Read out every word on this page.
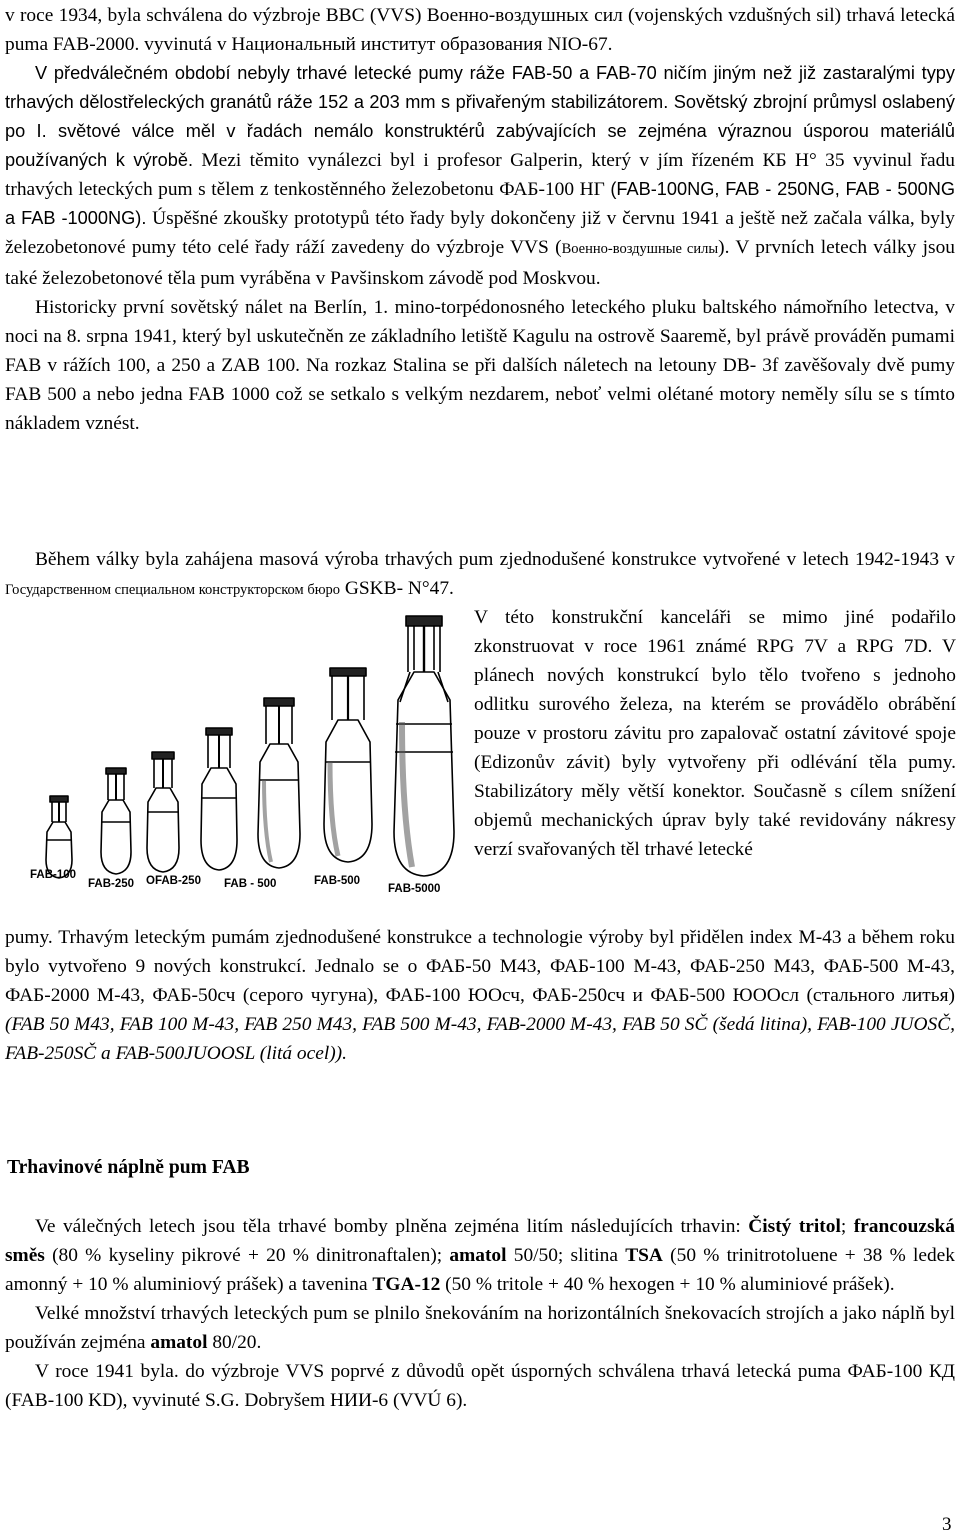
v roce 1934, byla schválena do výzbroje BBC (VVS) Военно-воздушных сил (vojenských vzdušných sil) trhavá letecká puma FAB-2000. vyvinutá v Национальный институт образования NIO-67.

V předválečném období nebyly trhavé letecké pumy ráže FAB-50 a FAB-70 ničím jiným než již zastaralými typy trhavých dělostřeleckých granátů ráže 152 a 203 mm s přivařeným stabilizátorem. Sovětský zbrojní průmysl oslabený po I. světové válce měl v řadách nemálo konstruktérů zabývajících se zejména výraznou úsporou materiálů používaných k výrobě. Mezi těmito vynálezci byl i profesor Galperin, který v jím řízeném КБ Н° 35 vyvinul řadu trhavých leteckých pum s tělem z tenkostěnného železobetonu ФАБ-100 НГ (FAB-100NG, FAB - 250NG, FAB - 500NG a FAB -1000NG). Úspěšné zkoušky prototypů této řady byly dokončeny již v červnu 1941 a ještě než začala válka, byly železobetonové pumy této celé řady ráží zavedeny do výzbroje VVS (Военно-воздушные силы). V prvních letech války jsou také železobetonové těla pum vyráběna v Pavšinskom závodě pod Moskvou.

Historicky první sovětský nálet na Berlín, 1. mino-torpédonosného leteckého pluku baltského námořního letectva, v noci na 8. srpna 1941, který byl uskutečněn ze základního letiště Kagulu na ostrově Saaremě, byl právě prováděn pumami FAB v rážích 100, a 250 a ZAB 100. Na rozkaz Stalina se při dalších náletech na letouny DB- 3f zavěšovaly dvě pumy FAB 500 a nebo jedna FAB 1000 což se setkalo s velkým nezdarem, neboť velmi olétané motory neměly sílu se s tímto nákladem vznést.

Během války byla zahájena masová výroba trhavých pum zjednodušené konstrukce vytvořené v letech 1942-1943 v Государственном специальном конструкторском бюро GSKB- N°47.

FAB-100
FAB-250 OFAB-250 FAB - 500	FAB-500
FAB-5000

V této konstrukční kanceláři se mimo jiné podařilo zkonstruovat v roce 1961 známé RPG 7V a RPG 7D. V plánech nových konstrukcí bylo tělo tvořeno s jednoho odlitku surového železa, na kterém se provádělo obrábění pouze v prostoru závitu pro zapalovač ostatní závitové spoje (Edizonův závit) byly vytvořeny při odlévání těla pumy. Stabilizátory měly větší konektor. Současně s cílem snížení objemů mechanických úprav byly také revidovány nákresy verzí svařovaných těl trhavé letecké

pumy. Trhavým leteckým pumám zjednodušené konstrukce a technologie výroby byl přidělen index M-43 a během roku bylo vytvořeno 9 nových konstrukcí. Jednalo se o ФАБ-50 М43, ФАБ-100 М-43, ФАБ-250 М43, ФАБ-500 М-43, ФАБ-2000 М-43, ФАБ-50сч (серого чугуна), ФАБ-100 ЮОсч, ФАБ-250сч и ФАБ-500 ЮООсл (стального литья) (FAB 50 M43, FAB 100 M-43, FAB 250 M43, FAB 500 M-43, FAB-2000 M-43, FAB 50 SČ (šedá litina), FAB-100 JUOSČ, FAB-250SČ a FAB-500JUOOSL (litá ocel)).

Trhavinové náplně pum FAB

Ve válečných letech jsou těla trhavé bomby plněna zejména litím následujících trhavin: Čistý tritol; francouzská směs (80 % kyseliny pikrové + 20 % dinitronaftalen); amatol 50/50; slitina TSA (50 % trinitrotoluene + 38 % ledek amonný + 10 % aluminiový prášek) a tavenina TGA-12 (50 % tritole + 40 % hexogen + 10 % aluminiové prášek).

Velké množství trhavých leteckých pum se plnilo šnekováním na horizontálních šnekovacích strojích a jako náplň byl používán zejména amatol 80/20.

V roce 1941 byla. do výzbroje VVS poprvé z důvodů opět úsporných schválena trhavá letecká puma ФАБ-100 КД (FAB-100 KD), vyvinuté S.G. Dobryšem НИИ-6 (VVÚ 6).

3
